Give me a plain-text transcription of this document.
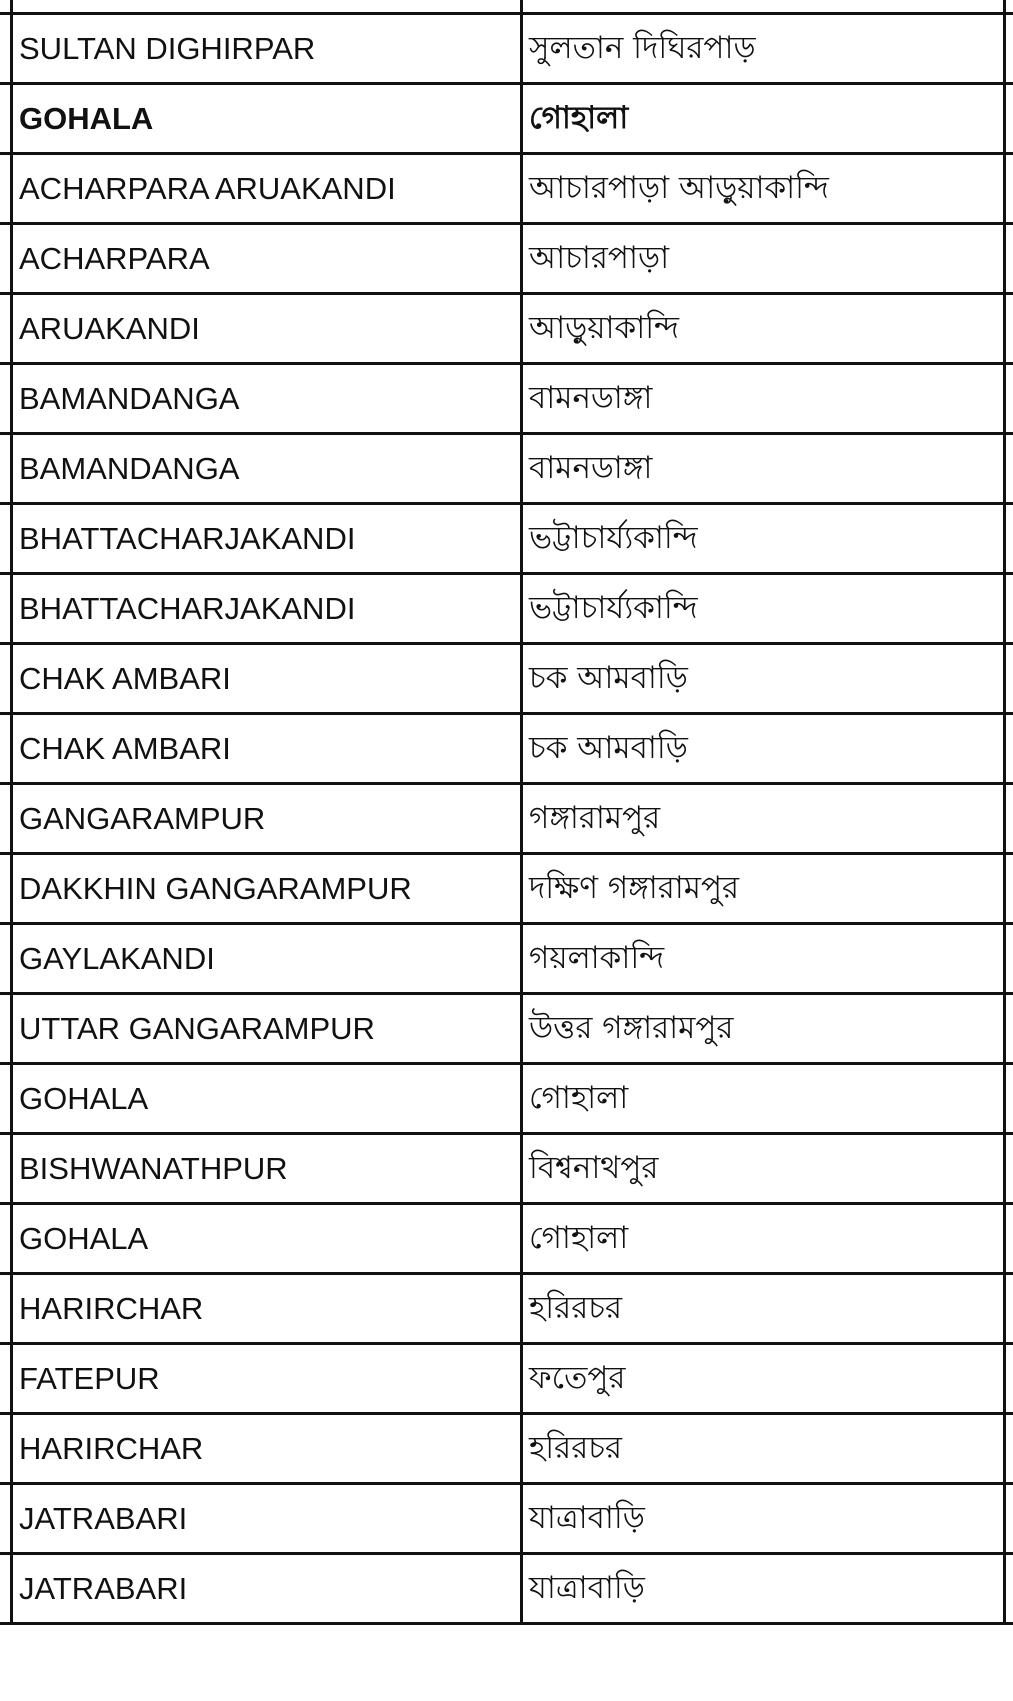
	SULTAN DIGHIRPAR	সুলতান দিঘিরপাড়	
	GOHALA	গোহালা	
	ACHARPARA ARUAKANDI	আচারপাড়া আড়ুয়াকান্দি	
	ACHARPARA	আচারপাড়া	
	ARUAKANDI	আড়ুয়াকান্দি	
	BAMANDANGA	বামনডাঙ্গা	
	BAMANDANGA	বামনডাঙ্গা	
	BHATTACHARJAKANDI	ভট্টাচার্য্যকান্দি	
	BHATTACHARJAKANDI	ভট্টাচার্য্যকান্দি	
	CHAK AMBARI	চক আমবাড়ি	
	CHAK AMBARI	চক আমবাড়ি	
	GANGARAMPUR	গঙ্গারামপুর	
	DAKKHIN GANGARAMPUR	দক্ষিণ গঙ্গারামপুর	
	GAYLAKANDI	গয়লাকান্দি	
	UTTAR GANGARAMPUR	উত্তর গঙ্গারামপুর	
	GOHALA	গোহালা	
	BISHWANATHPUR	বিশ্বনাথপুর	
	GOHALA	গোহালা	
	HARIRCHAR	হরিরচর	
	FATEPUR	ফতেপুর	
	HARIRCHAR	হরিরচর	
	JATRABARI	যাত্রাবাড়ি	
	JATRABARI	যাত্রাবাড়ি	
